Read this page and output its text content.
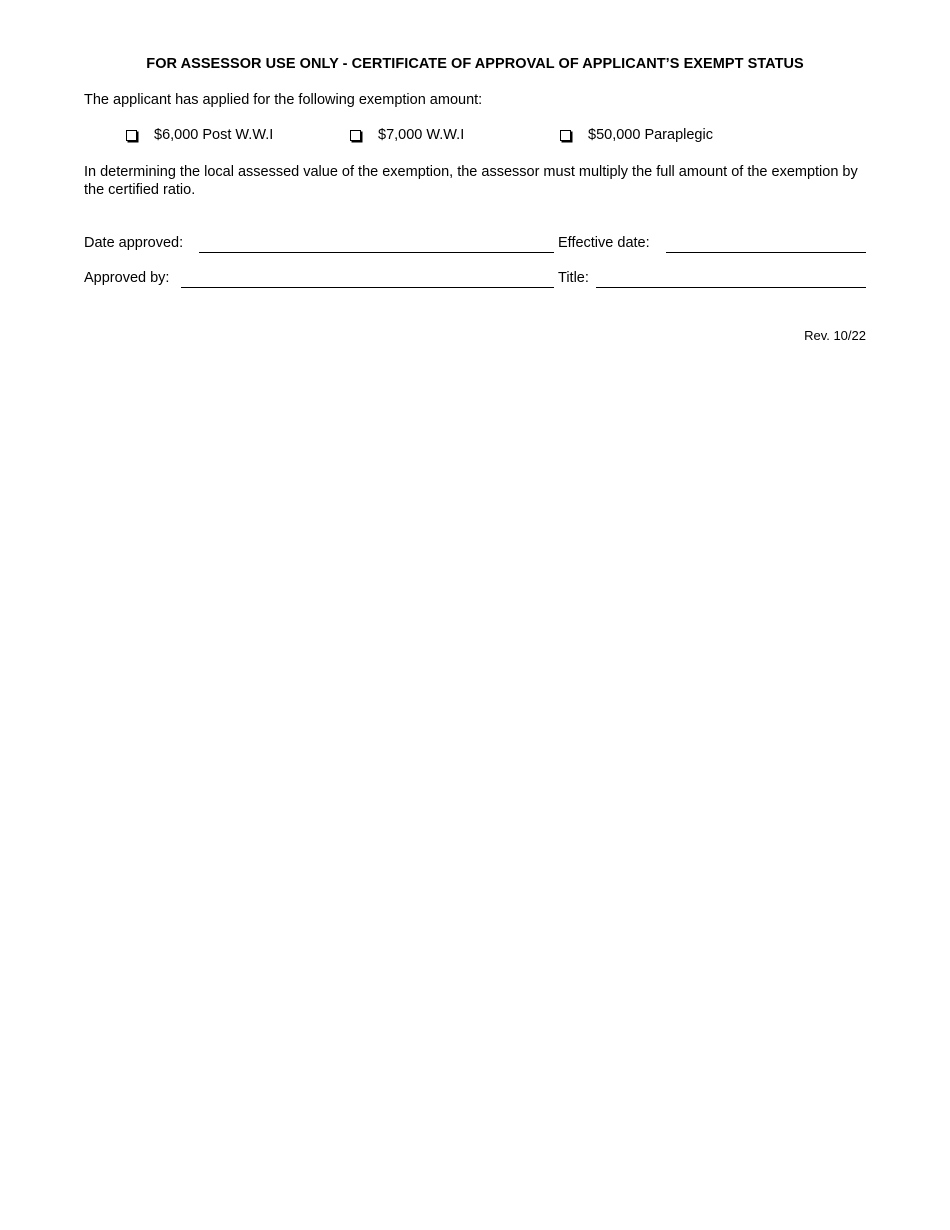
FOR ASSESSOR USE ONLY - CERTIFICATE OF APPROVAL OF APPLICANT’S EXEMPT STATUS
The applicant has applied for the following exemption amount:
$6,000 Post W.W.I	$7,000 W.W.I	$50,000 Paraplegic
In determining the local assessed value of the exemption, the assessor must multiply the full amount of the exemption by the certified ratio.
Date approved:	Effective date:
Approved by:	Title:
Rev. 10/22
